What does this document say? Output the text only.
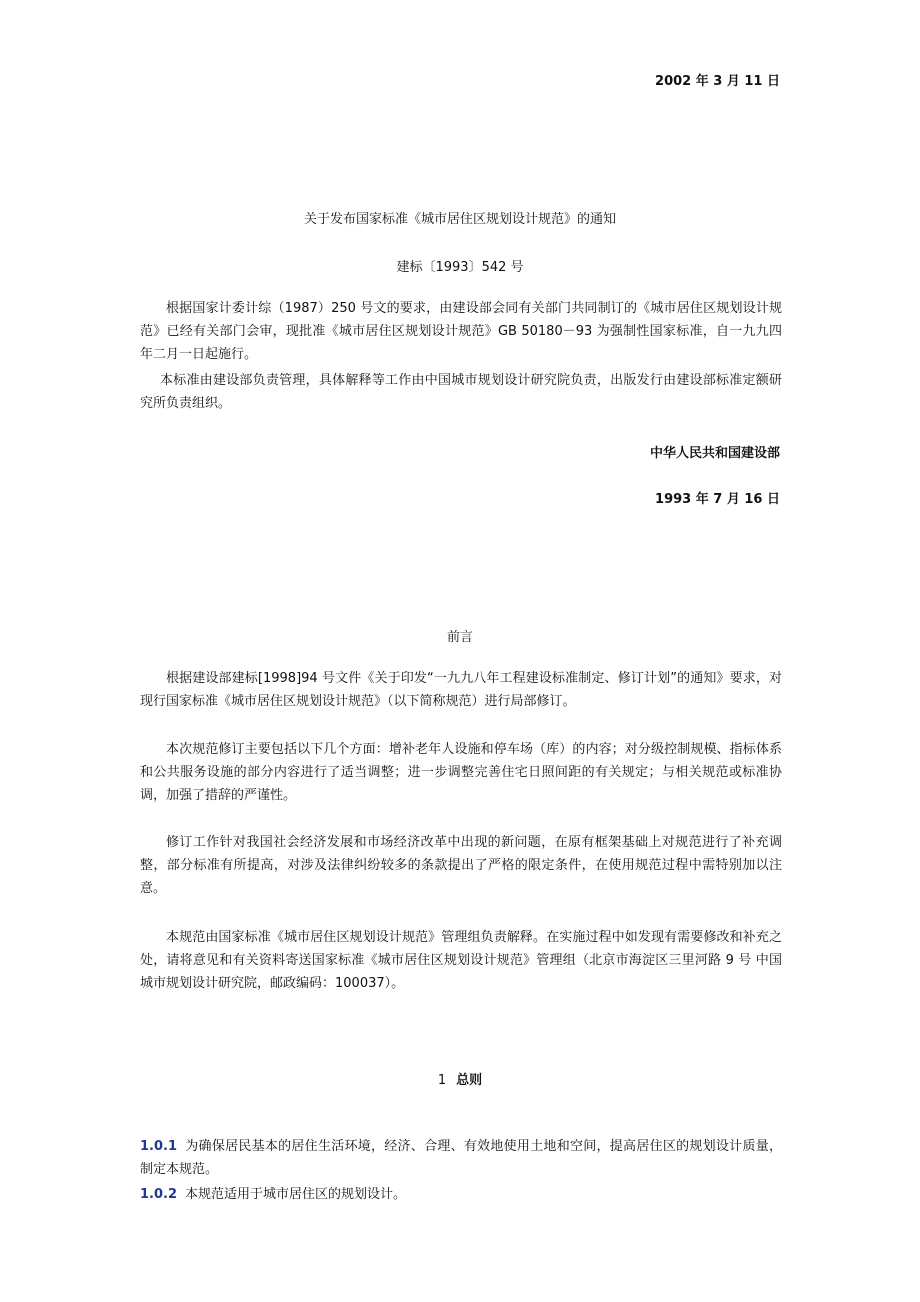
2002 年 3 月 11 日
关于发布国家标准《城市居住区规划设计规范》的通知
建标〔1993〕542 号
根据国家计委计综（1987）250 号文的要求，由建设部会同有关部门共同制订的《城市居住区规划设计规范》已经有关部门会审，现批准《城市居住区规划设计规范》GB 50180－93 为强制性国家标准，自一九九四年二月一日起施行。
本标准由建设部负责管理，具体解释等工作由中国城市规划设计研究院负责，出版发行由建设部标准定额研究所负责组织。
中华人民共和国建设部
1993 年 7 月 16 日
前言
根据建设部建标[1998]94 号文件《关于印发“一九九八年工程建设标准制定、修订计划”的通知》要求，对现行国家标准《城市居住区规划设计规范》（以下简称规范）进行局部修订。
本次规范修订主要包括以下几个方面：增补老年人设施和停车场（库）的内容；对分级控制规模、指标体系和公共服务设施的部分内容进行了适当调整；进一步调整完善住宅日照间距的有关规定；与相关规范或标准协调，加强了措辞的严谨性。
修订工作针对我国社会经济发展和市场经济改革中出现的新问题，在原有框架基础上对规范进行了补充调整，部分标准有所提高，对涉及法律纠纷较多的条款提出了严格的限定条件，在使用规范过程中需特别加以注意。
本规范由国家标准《城市居住区规划设计规范》管理组负责解释。在实施过程中如发现有需要修改和补充之处，请将意见和有关资料寄送国家标准《城市居住区规划设计规范》管理组（北京市海淀区三里河路 9 号 中国城市规划设计研究院，邮政编码：100037）。
1 总则
1.0.1 为确保居民基本的居住生活环境，经济、合理、有效地使用土地和空间，提高居住区的规划设计质量，制定本规范。
1.0.2 本规范适用于城市居住区的规划设计。
